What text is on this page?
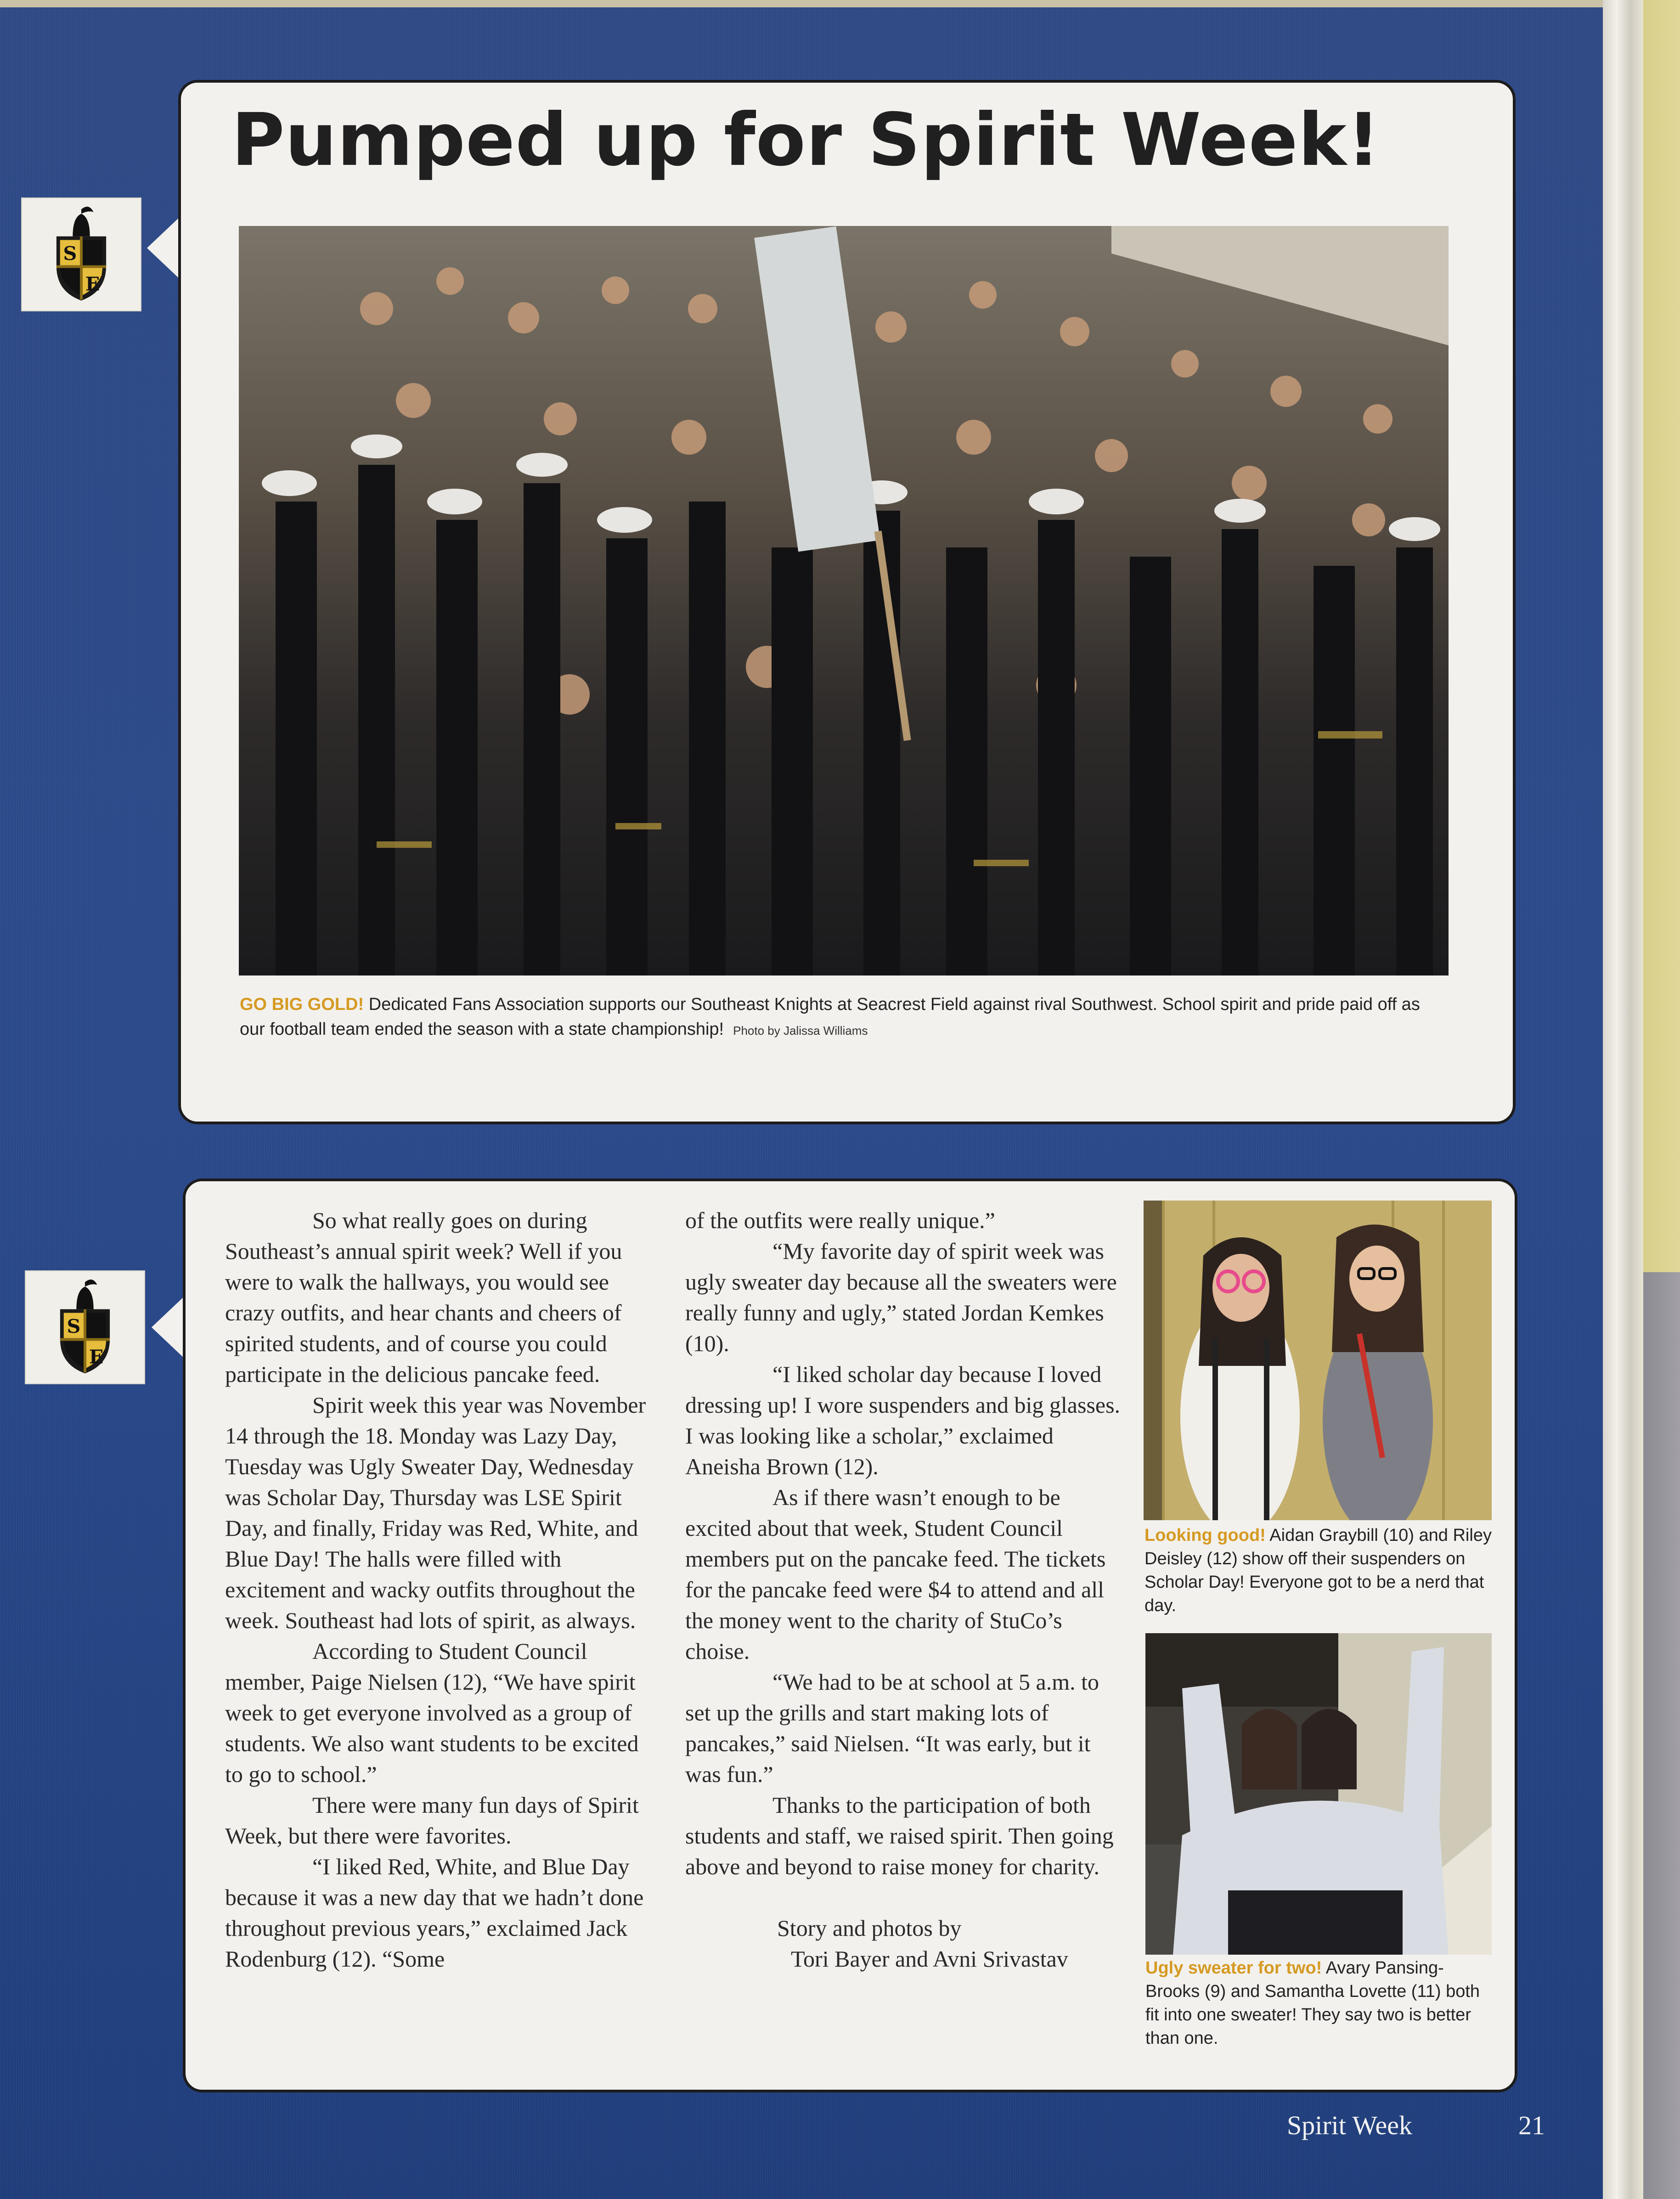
S
E
S
E
Pumped up for Spirit Week!

GO BIG GOLD! Dedicated Fans Association supports our Southeast Knights at Seacrest Field against rival Southwest. School spirit and pride paid off as our football team ended the season with a state championship! Photo by Jalissa Williams

So what really goes on during Southeast’s annual spirit week? Well if you were to walk the hallways, you would see crazy outfits, and hear chants and cheers of spirited students, and of course you could participate in the delicious pancake feed.

Spirit week this year was November 14 through the 18. Monday was Lazy Day, Tuesday was Ugly Sweater Day, Wednesday was Scholar Day, Thursday was LSE Spirit Day, and finally, Friday was Red, White, and Blue Day! The halls were filled with excitement and wacky outfits throughout the week. Southeast had lots of spirit, as always.

According to Student Council member, Paige Nielsen (12), “We have spirit week to get everyone involved as a group of students. We also want students to be excited to go to school.”

There were many fun days of Spirit Week, but there were favorites.

“I liked Red, White, and Blue Day because it was a new day that we hadn’t done throughout previous years,” exclaimed Jack Rodenburg (12). “Some

of the outfits were really unique.”

“My favorite day of spirit week was ugly sweater day because all the sweaters were really funny and ugly,” stated Jordan Kemkes (10).

“I liked scholar day because I loved dressing up! I wore suspenders and big glasses. I was looking like a scholar,” exclaimed Aneisha Brown (12).

As if there wasn’t enough to be excited about that week, Student Council members put on the pancake feed. The tickets for the pancake feed were $4 to attend and all the money went to the charity of StuCo’s choise.

“We had to be at school at 5 a.m. to set up the grills and start making lots of pancakes,” said Nielsen. “It was early, but it was fun.”

Thanks to the participation of both students and staff, we raised spirit. Then going above and beyond to raise money for charity.

Story and photos by
Tori Bayer and Avni Srivastav

Looking good! Aidan Graybill (10) and Riley Deisley (12) show off their suspenders on Scholar Day! Everyone got to be a nerd that day.

Ugly sweater for two! Avary Pansing-Brooks (9) and Samantha Lovette (11) both fit into one sweater! They say two is better than one.

Spirit Week	21
